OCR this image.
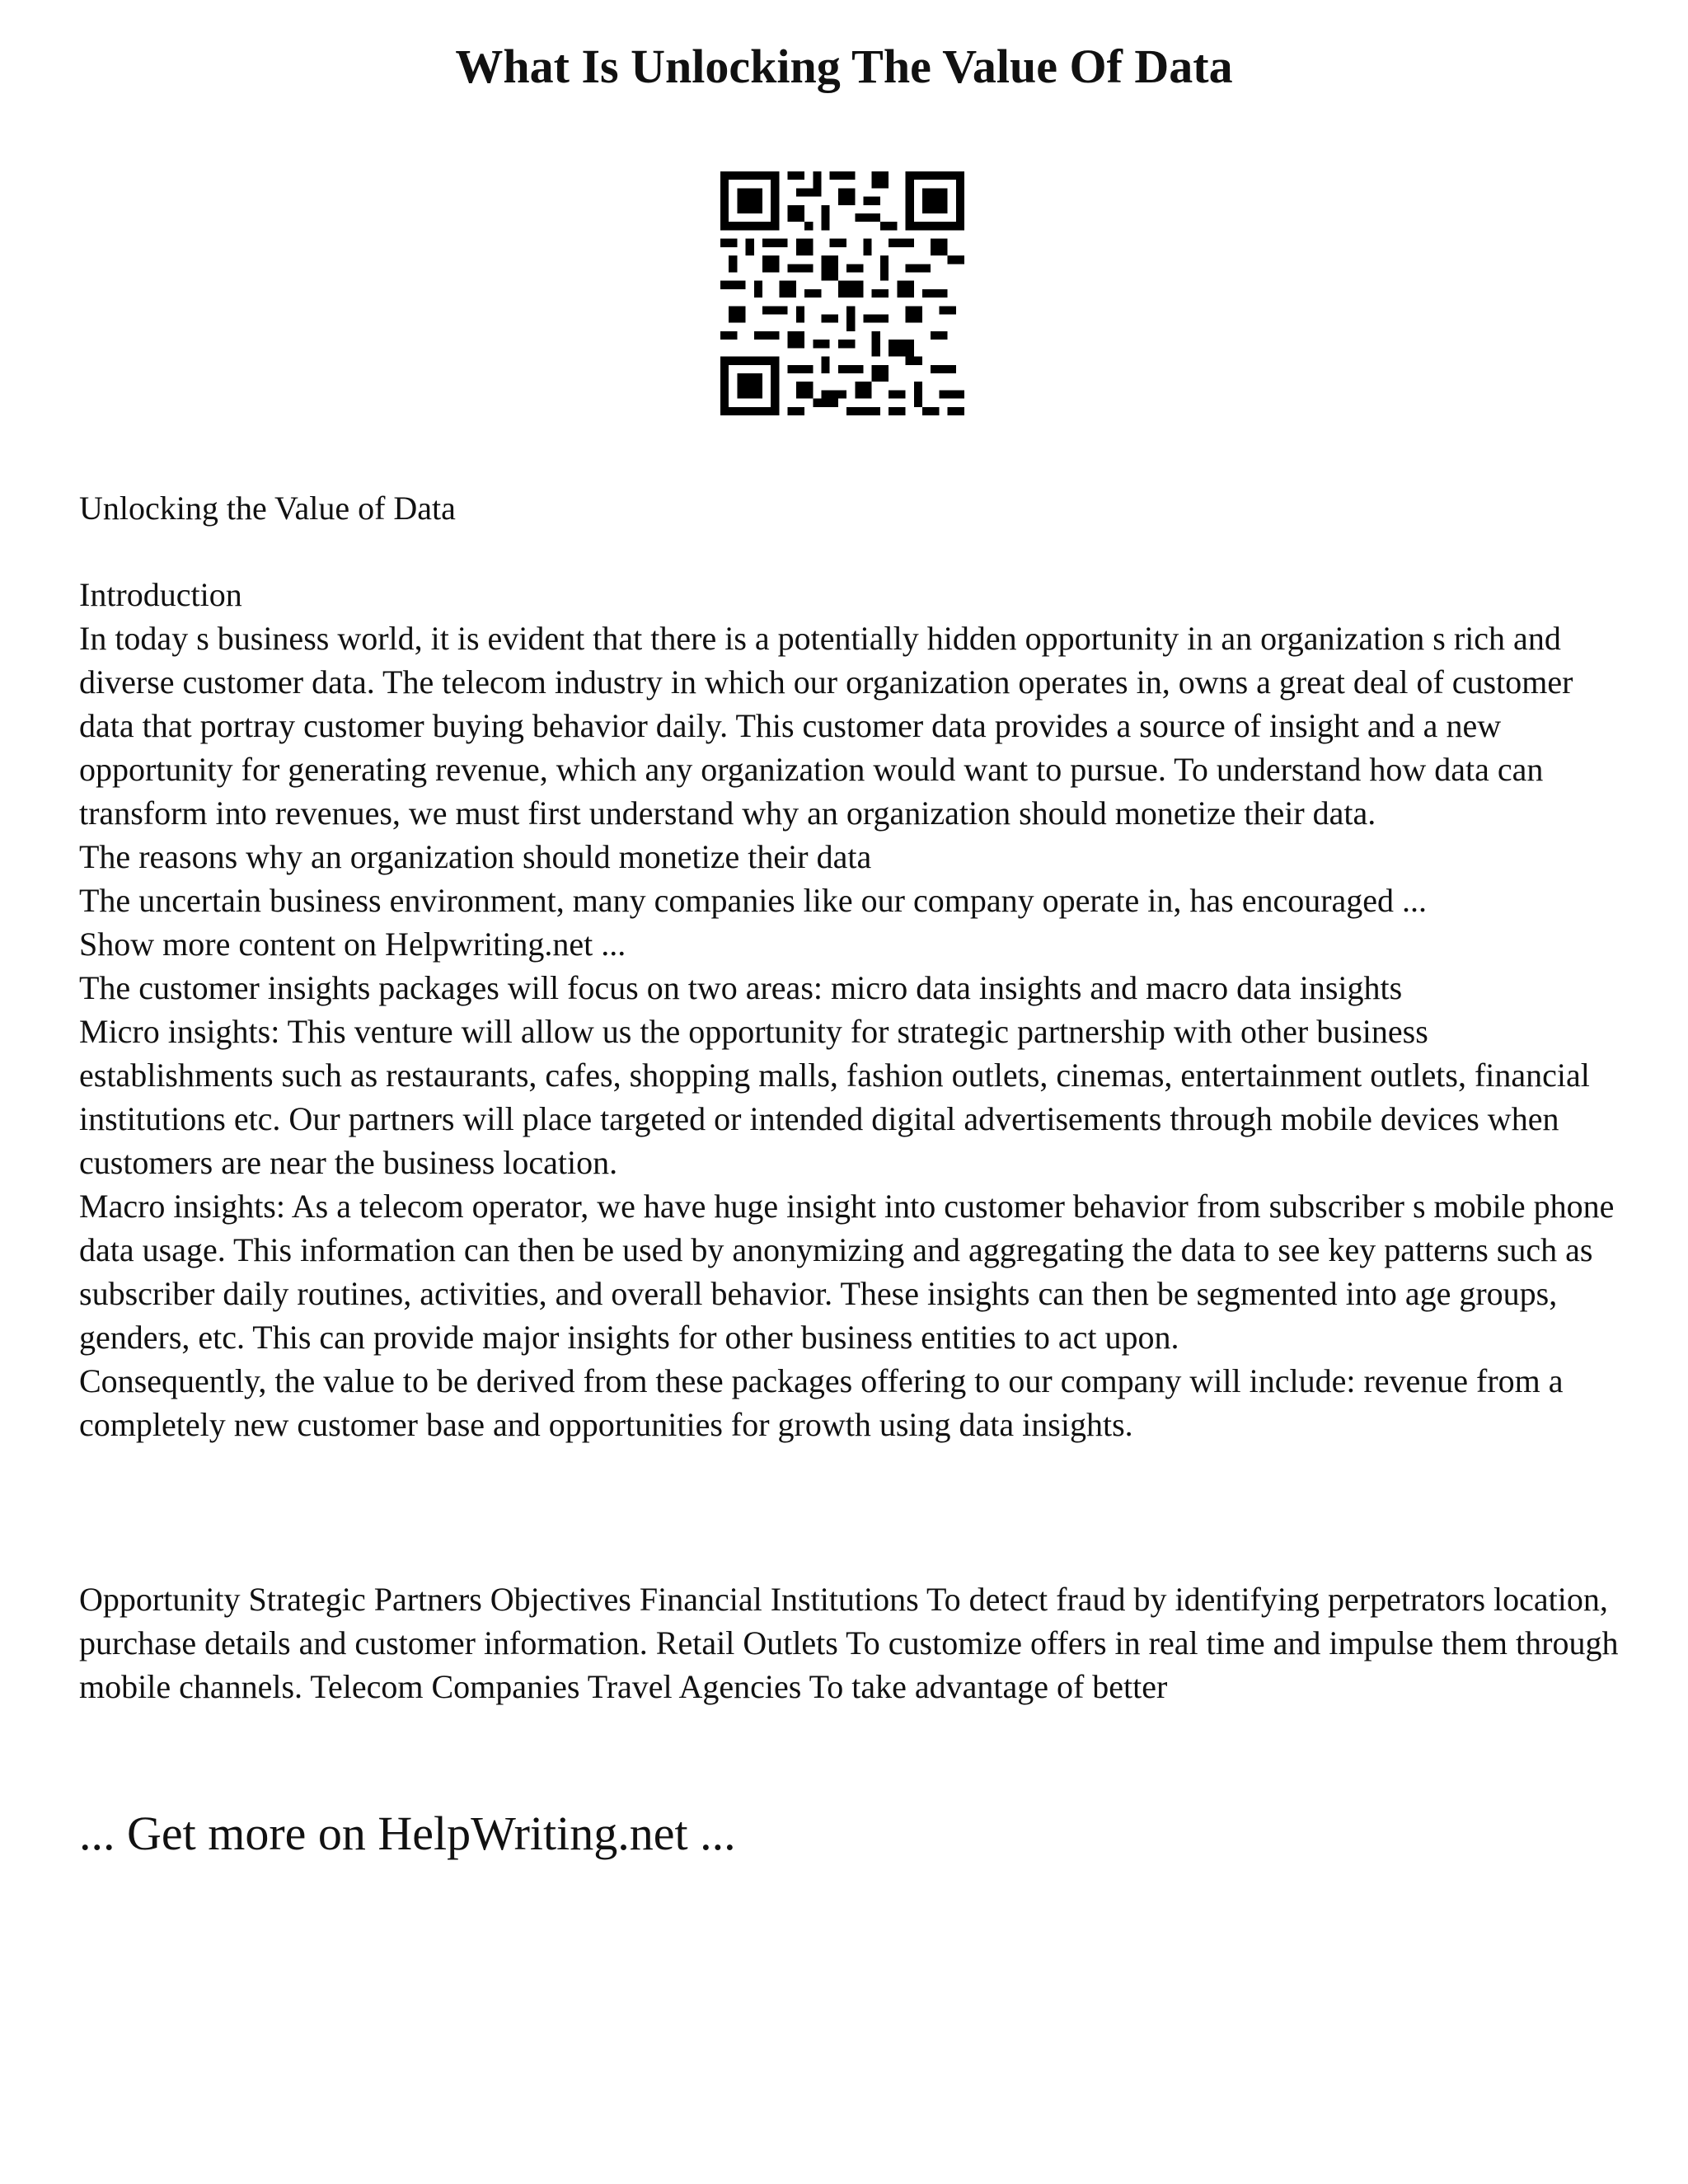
What Is Unlocking The Value Of Data

Unlocking the Value of Data

Introduction

In today s business world, it is evident that there is a potentially hidden opportunity in an organization s rich and diverse customer data. The telecom industry in which our organization operates in, owns a great deal of customer data that portray customer buying behavior daily. This customer data provides a source of insight and a new opportunity for generating revenue, which any organization would want to pursue. To understand how data can transform into revenues, we must first understand why an organization should monetize their data.

The reasons why an organization should monetize their data

The uncertain business environment, many companies like our company operate in, has encouraged ...

Show more content on Helpwriting.net ...

The customer insights packages will focus on two areas: micro data insights and macro data insights

Micro insights: This venture will allow us the opportunity for strategic partnership with other business establishments such as restaurants, cafes, shopping malls, fashion outlets, cinemas, entertainment outlets, financial institutions etc. Our partners will place targeted or intended digital advertisements through mobile devices when customers are near the business location.

Macro insights: As a telecom operator, we have huge insight into customer behavior from subscriber s mobile phone data usage. This information can then be used by anonymizing and aggregating the data to see key patterns such as subscriber daily routines, activities, and overall behavior. These insights can then be segmented into age groups, genders, etc. This can provide major insights for other business entities to act upon.

Consequently, the value to be derived from these packages offering to our company will include: revenue from a completely new customer base and opportunities for growth using data insights.

Opportunity Strategic Partners Objectives Financial Institutions To detect fraud by identifying perpetrators location, purchase details and customer information. Retail Outlets To customize offers in real time and impulse them through mobile channels. Telecom Companies Travel Agencies To take advantage of better

... Get more on HelpWriting.net ...
